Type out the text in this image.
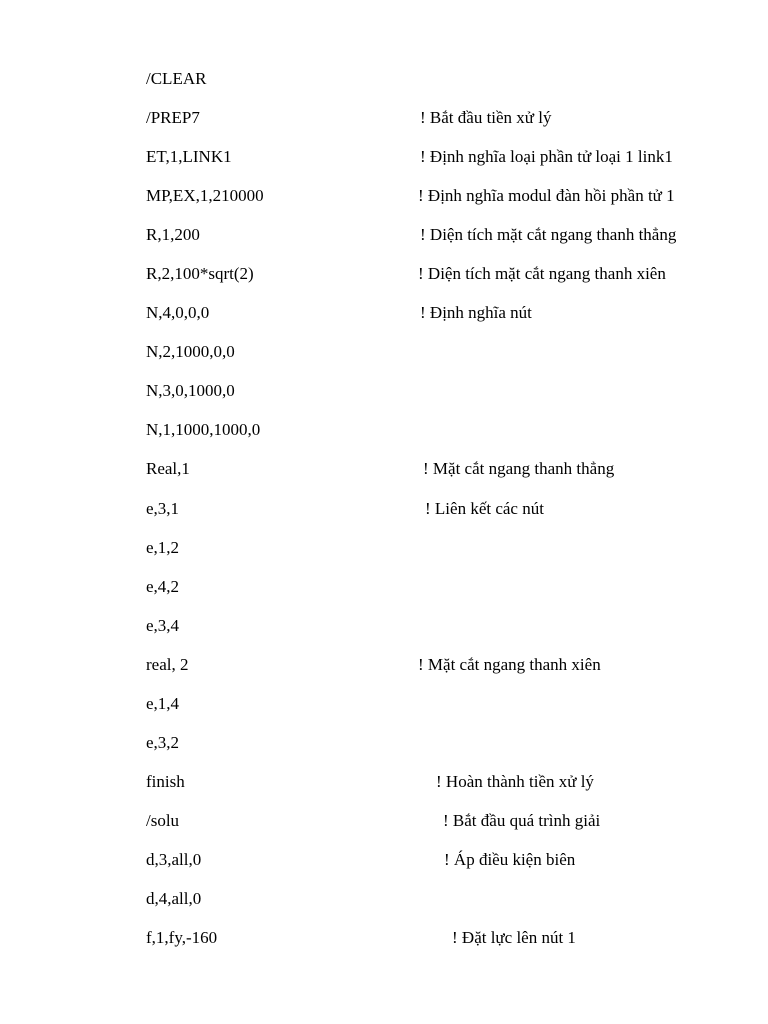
/CLEAR
/PREP7	! Bắt đầu tiền xử lý
ET,1,LINK1	! Định nghĩa loại phần tử loại 1 link1
MP,EX,1,210000	! Định nghĩa modul đàn hồi phần tử 1
R,1,200	! Diện tích mặt cắt ngang thanh thẳng
R,2,100*sqrt(2)	! Diện tích mặt cắt ngang thanh xiên
N,4,0,0,0	! Định nghĩa nút
N,2,1000,0,0
N,3,0,1000,0
N,1,1000,1000,0
Real,1	! Mặt cắt ngang thanh thẳng
e,3,1	! Liên kết các nút
e,1,2
e,4,2
e,3,4
real, 2	! Mặt cắt ngang thanh xiên
e,1,4
e,3,2
finish	! Hoàn thành tiền xử lý
/solu	! Bắt đầu quá trình giải
d,3,all,0	! Áp điều kiện biên
d,4,all,0
f,1,fy,-160	! Đặt lực lên nút 1
